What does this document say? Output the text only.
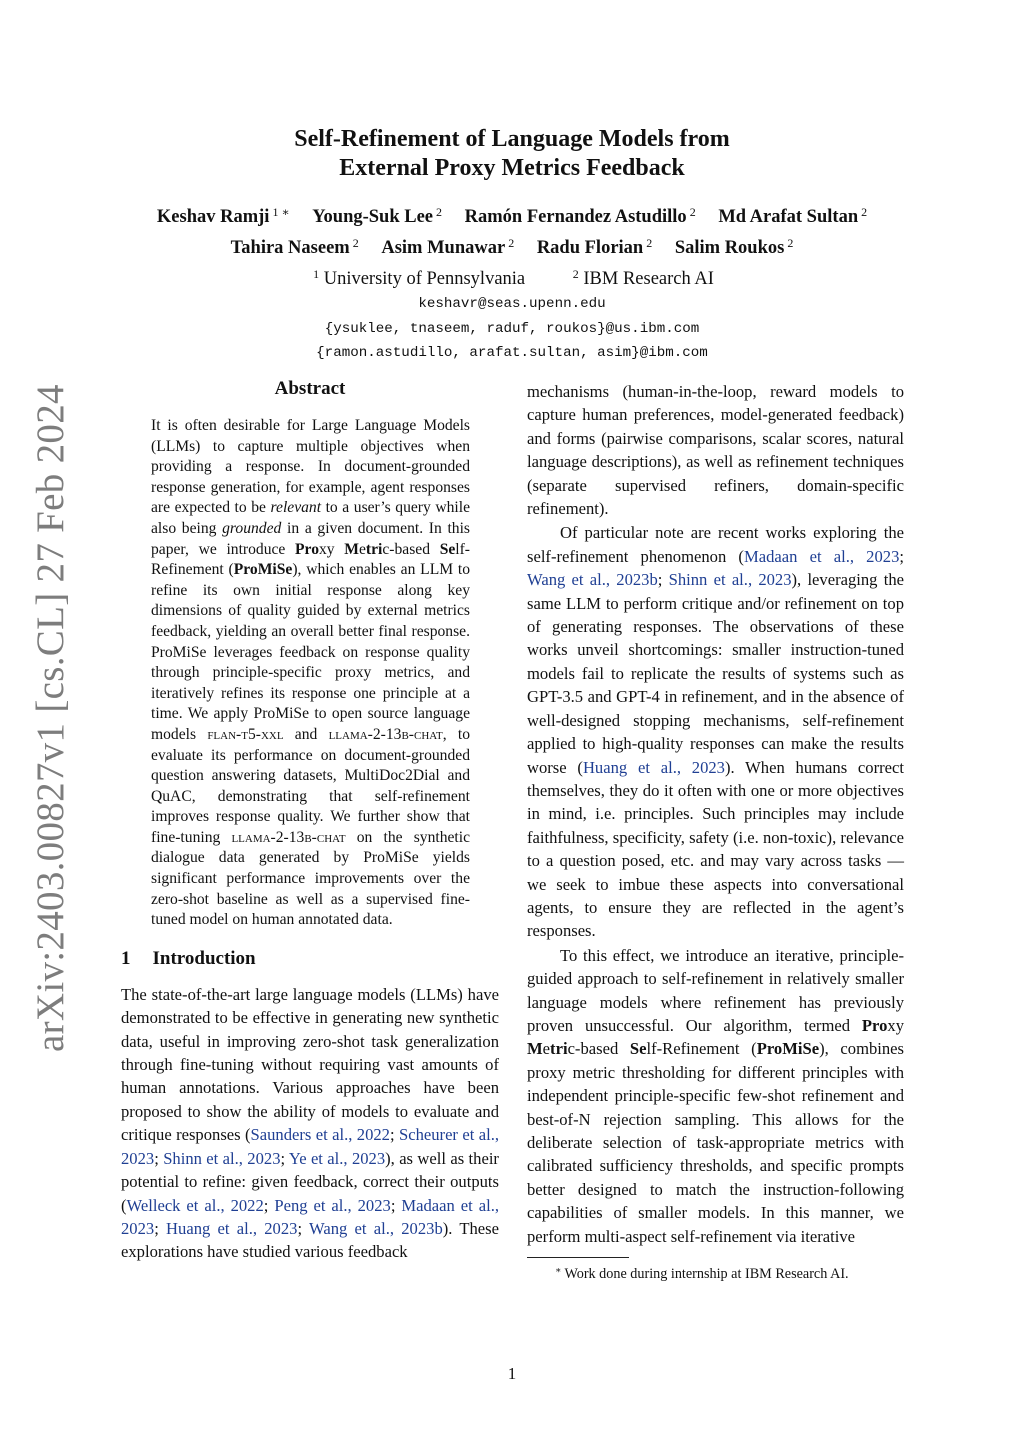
arXiv:2403.00827v1 [cs.CL] 27 Feb 2024
Self-Refinement of Language Models from
External Proxy Metrics Feedback
Keshav Ramji $^{1 ∗}$ Young-Suk Lee $^2$ Ramón Fernandez Astudillo $^2$ Md Arafat Sultan $^2$
Tahira Naseem $^2$ Asim Munawar $^2$ Radu Florian $^2$ Salim Roukos $^2$
$^1$ University of Pennsylvania	$^2$ IBM Research AI
keshavr@seas.upenn.edu
{ysuklee, tnaseem, raduf, roukos}@us.ibm.com
{ramon.astudillo, arafat.sultan, asim}@ibm.com
Abstract

It is often desirable for Large Language Models (LLMs) to capture multiple objectives when providing a response. In document-grounded response generation, for example, agent responses are expected to be relevant to a user’s query while also being grounded in a given document. In this paper, we introduce Proxy Metric-based Self-Refinement (ProMiSe), which enables an LLM to refine its own initial response along key dimensions of quality guided by external metrics feedback, yielding an overall better final response. ProMiSe leverages feedback on response quality through principle-specific proxy metrics, and iteratively refines its response one principle at a time. We apply ProMiSe to open source language models flan-t5-xxl and llama-2-13b-chat, to evaluate its performance on document-grounded question answering datasets, MultiDoc2Dial and QuAC, demonstrating that self-refinement improves response quality. We further show that fine-tuning llama-2-13b-chat on the synthetic dialogue data generated by ProMiSe yields significant performance improvements over the zero-shot baseline as well as a supervised fine-tuned model on human annotated data.

1 Introduction

The state-of-the-art large language models (LLMs) have demonstrated to be effective in generating new synthetic data, useful in improving zero-shot task generalization through fine-tuning without requiring vast amounts of human annotations. Various approaches have been proposed to show the ability of models to evaluate and critique responses (Saunders et al., 2022; Scheurer et al., 2023; Shinn et al., 2023; Ye et al., 2023), as well as their potential to refine: given feedback, correct their outputs (Welleck et al., 2022; Peng et al., 2023; Madaan et al., 2023; Huang et al., 2023; Wang et al., 2023b). These explorations have studied various feedback

mechanisms (human-in-the-loop, reward models to capture human preferences, model-generated feedback) and forms (pairwise comparisons, scalar scores, natural language descriptions), as well as refinement techniques (separate supervised refiners, domain-specific refinement).

Of particular note are recent works exploring the self-refinement phenomenon (Madaan et al., 2023; Wang et al., 2023b; Shinn et al., 2023), leveraging the same LLM to perform critique and/or refinement on top of generating responses. The observations of these works unveil shortcomings: smaller instruction-tuned models fail to replicate the results of systems such as GPT-3.5 and GPT-4 in refinement, and in the absence of well-designed stopping mechanisms, self-refinement applied to high-quality responses can make the results worse (Huang et al., 2023). When humans correct themselves, they do it often with one or more objectives in mind, i.e. principles. Such principles may include faithfulness, specificity, safety (i.e. non-toxic), relevance to a question posed, etc. and may vary across tasks — we seek to imbue these aspects into conversational agents, to ensure they are reflected in the agent’s responses.

To this effect, we introduce an iterative, principle-guided approach to self-refinement in relatively smaller language models where refinement has previously proven unsuccessful. Our algorithm, termed Proxy Metric-based Self-Refinement (ProMiSe), combines proxy metric thresholding for different principles with independent principle-specific few-shot refinement and best-of-N rejection sampling. This allows for the deliberate selection of task-appropriate metrics with calibrated sufficiency thresholds, and specific prompts better designed to match the instruction-following capabilities of smaller models. In this manner, we perform multi-aspect self-refinement via iterative

∗ Work done during internship at IBM Research AI.
1
